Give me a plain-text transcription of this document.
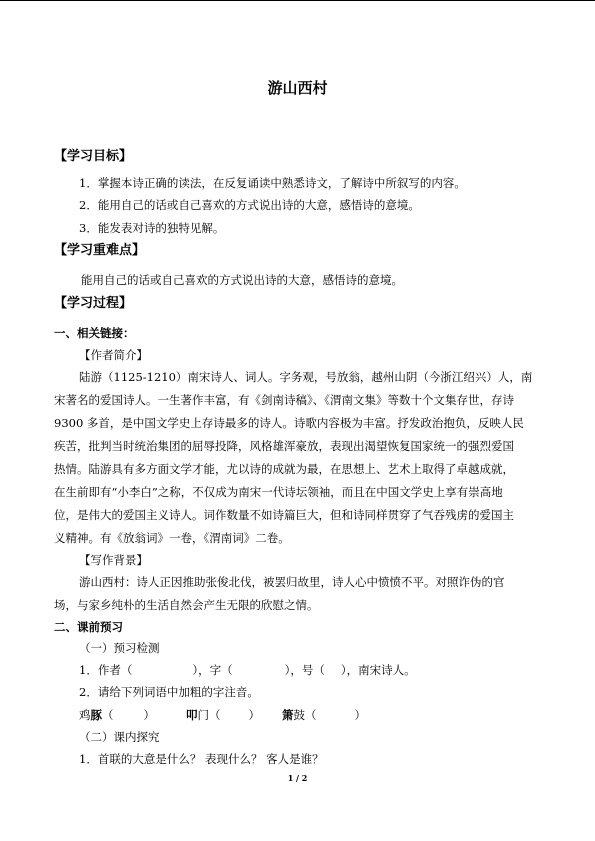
游山西村
【学习目标】
1．掌握本诗正确的读法，在反复诵读中熟悉诗文，了解诗中所叙写的内容。
2．能用自己的话或自己喜欢的方式说出诗的大意，感悟诗的意境。
3．能发表对诗的独特见解。
【学习重难点】
能用自己的话或自己喜欢的方式说出诗的大意，感悟诗的意境。
【学习过程】
一、相关链接：
【作者简介】
陆游（1125-1210）南宋诗人、词人。字务观，号放翁，越州山阴（今浙江绍兴）人，南
宋著名的爱国诗人。一生著作丰富，有《剑南诗稿》、《渭南文集》等数十个文集存世，存诗
9300 多首，是中国文学史上存诗最多的诗人。诗歌内容极为丰富。抒发政治抱负，反映人民
疾苦，批判当时统治集团的屈辱投降，风格雄浑豪放，表现出渴望恢复国家统一的强烈爱国
热情。陆游具有多方面文学才能，尤以诗的成就为最，在思想上、艺术上取得了卓越成就，
在生前即有“小李白”之称，不仅成为南宋一代诗坛领袖，而且在中国文学史上享有崇高地
位，是伟大的爱国主义诗人。词作数量不如诗篇巨大，但和诗同样贯穿了气吞残虏的爱国主
义精神。有《放翁词》一卷，《渭南词》二卷。
【写作背景】
游山西村：诗人正因推助张俊北伐，被罢归故里，诗人心中愤愤不平。对照诈伪的官
场，与家乡纯朴的生活自然会产生无限的欣慰之情。
二、课前预习
（一）预习检测
1．作者（	），字（	），号（ ），南宋诗人。
2．请给下列词语中加粗的字注音。
鸡豚（	）	叩门（ ） 箫鼓（	）
（二）课内探究
1．首联的大意是什么？ 表现什么？ 客人是谁？
1 / 2
